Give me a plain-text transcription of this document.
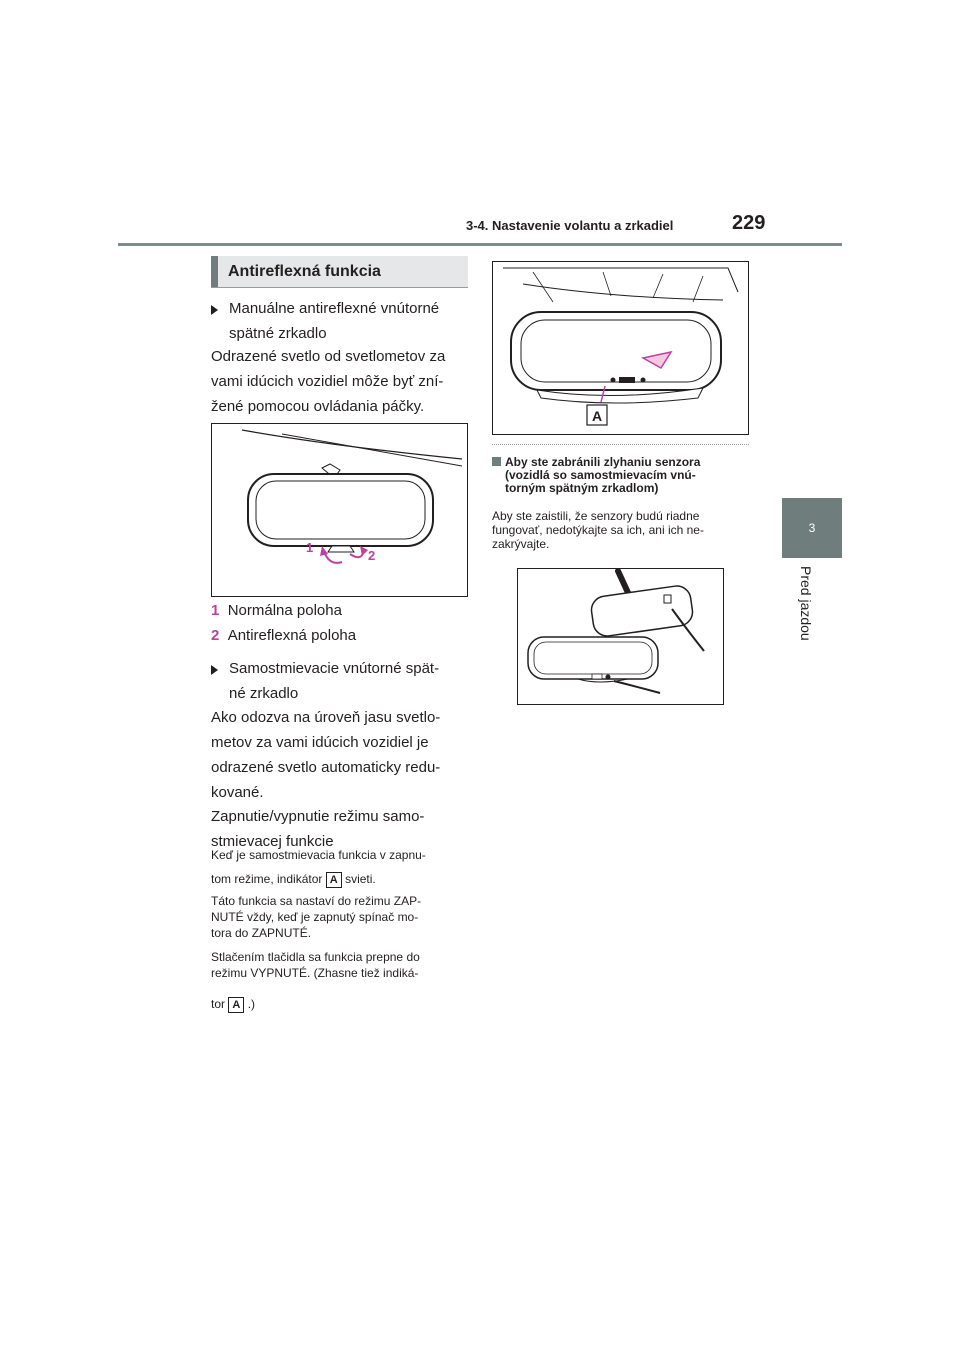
3-4. Nastavenie volantu a zrkadiel	229
3
Pred jazdou
Antireflexná funkcia
Manuálne antireflexné vnútorné
spätné zrkadlo
Odrazené svetlo od svetlometov za
vami idúcich vozidiel môže byť zní-
žené pomocou ovládania páčky.
1
2
1 Normálna poloha
2 Antireflexná poloha
Samostmievacie vnútorné spät-
né zrkadlo
Ako odozva na úroveň jasu svetlo-
metov za vami idúcich vozidiel je
odrazené svetlo automaticky redu-
kované.
Zapnutie/vypnutie režimu samo-
stmievacej funkcie
Keď je samostmievacia funkcia v zapnu-
tom režime, indikátor A svieti.
Táto funkcia sa nastaví do režimu ZAP-
NUTÉ vždy, keď je zapnutý spínač mo-
tora do ZAPNUTÉ.
Stlačením tlačidla sa funkcia prepne do
režimu VYPNUTÉ. (Zhasne tiež indiká-
tor A .)
A
Aby ste zabránili zlyhaniu senzora
(vozidlá so samostmievacím vnú-
torným spätným zrkadlom)
Aby ste zaistili, že senzory budú riadne
fungovať, nedotýkajte sa ich, ani ich ne-
zakrývajte.
